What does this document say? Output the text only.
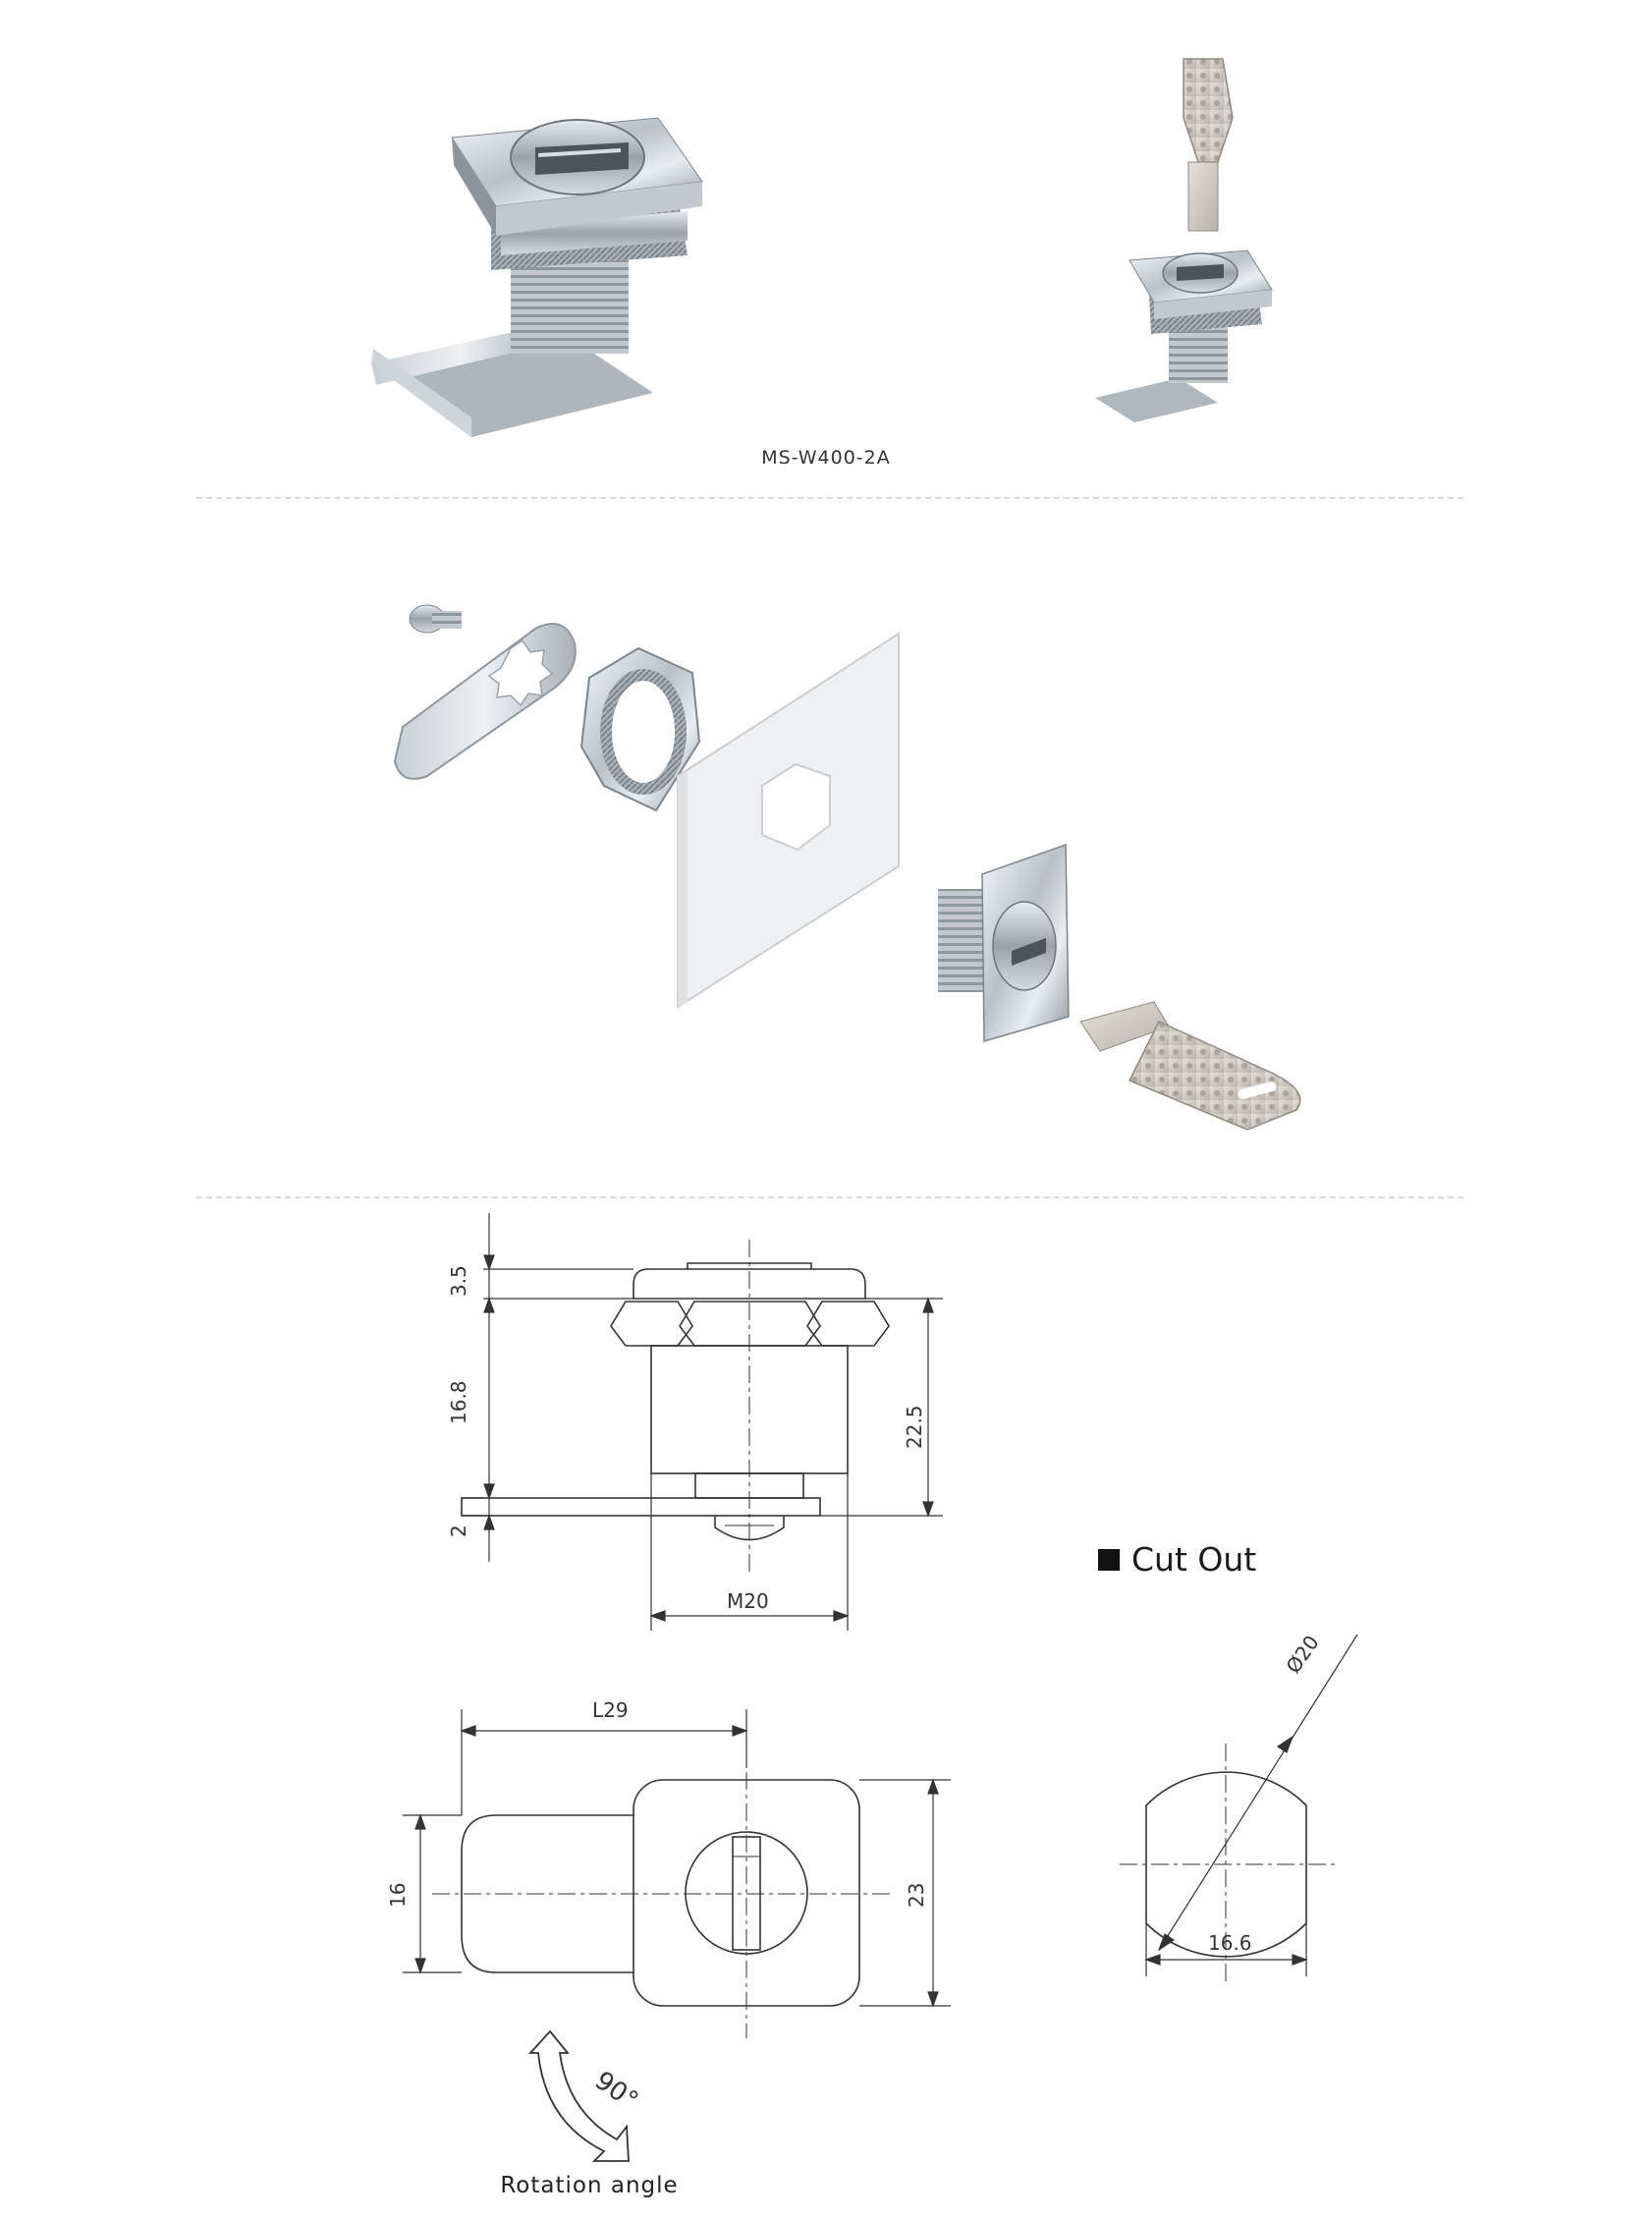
3.5
16.8
2
22.5
M20
L29
16	23
90°
Ø20
16.6
MS-W400-2A
Cut Out
Rotation angle
